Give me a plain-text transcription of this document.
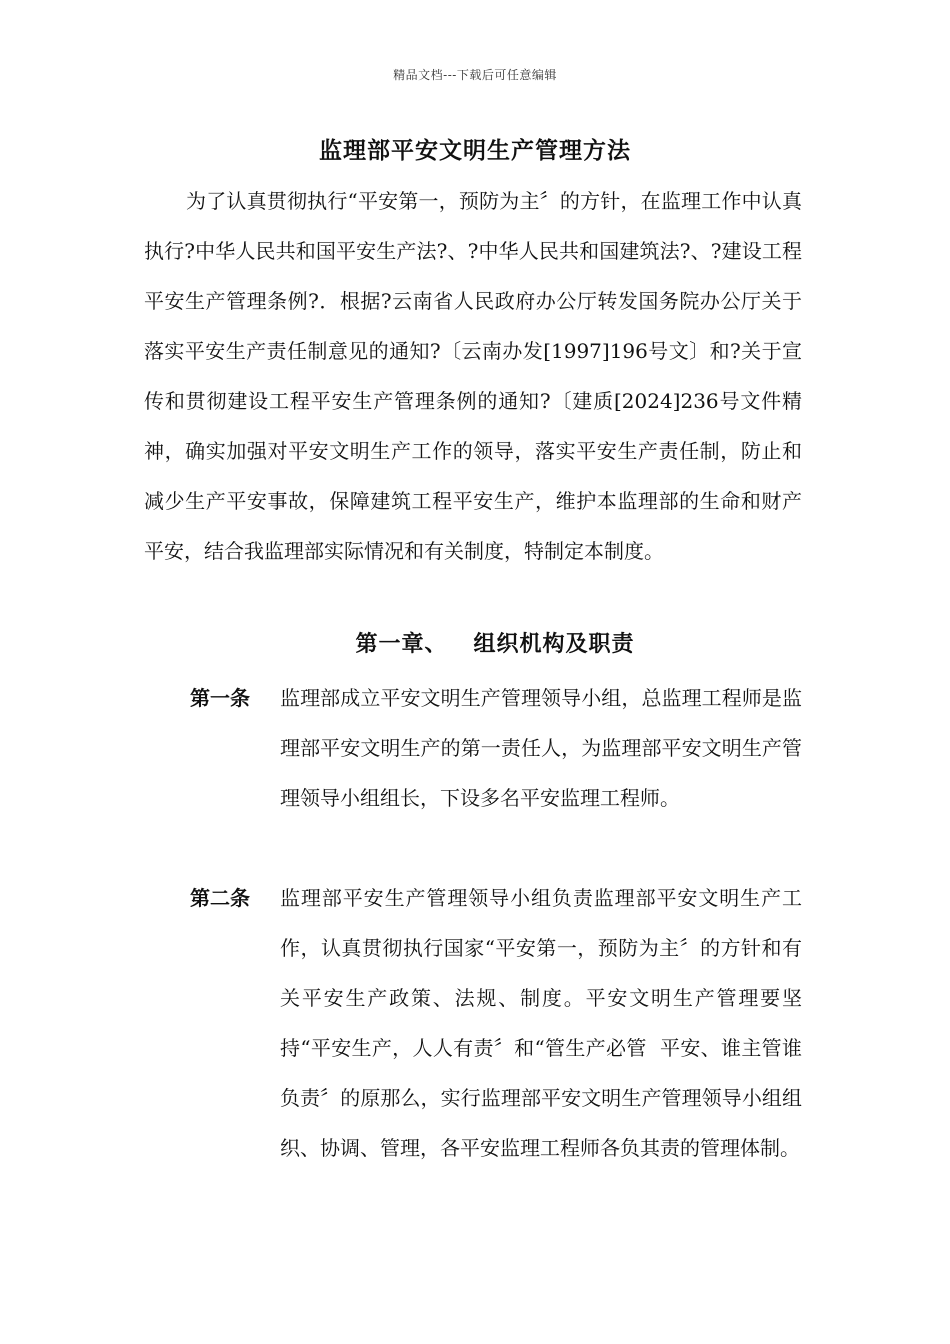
精品文档---下载后可任意编辑
监理部平安文明生产管理方法

为了认真贯彻执行“平安第一，预防为主〞的方针，在监理工作中认真执行?中华人民共和国平安生产法?、?中华人民共和国建筑法?、?建设工程平安生产管理条例?．根据?云南省人民政府办公厅转发国务院办公厅关于落实平安生产责任制意见的通知?〔云南办发[1997]196号文〕和?关于宣传和贯彻建设工程平安生产管理条例的通知?〔建质[2024]236号文件精神，确实加强对平安文明生产工作的领导，落实平安生产责任制，防止和减少生产平安事故，保障建筑工程平安生产，维护本监理部的生命和财产平安，结合我监理部实际情况和有关制度，特制定本制度。

第一章、   组织机构及职责
第一条 监理部成立平安文明生产管理领导小组，总监理工程师是监理部平安文明生产的第一责任人，为监理部平安文明生产管理领导小组组长，下设多名平安监理工程师。

第二条 监理部平安生产管理领导小组负责监理部平安文明生产工作，认真贯彻执行国家“平安第一，预防为主〞的方针和有关平安生产政策、法规、制度。平安文明生产管理要坚持“平安生产，人人有责〞和“管生产必管  平安、谁主管谁负责〞的原那么，实行监理部平安文明生产管理领导小组组织、协调、管理，各平安监理工程师各负其责的管理体制。
